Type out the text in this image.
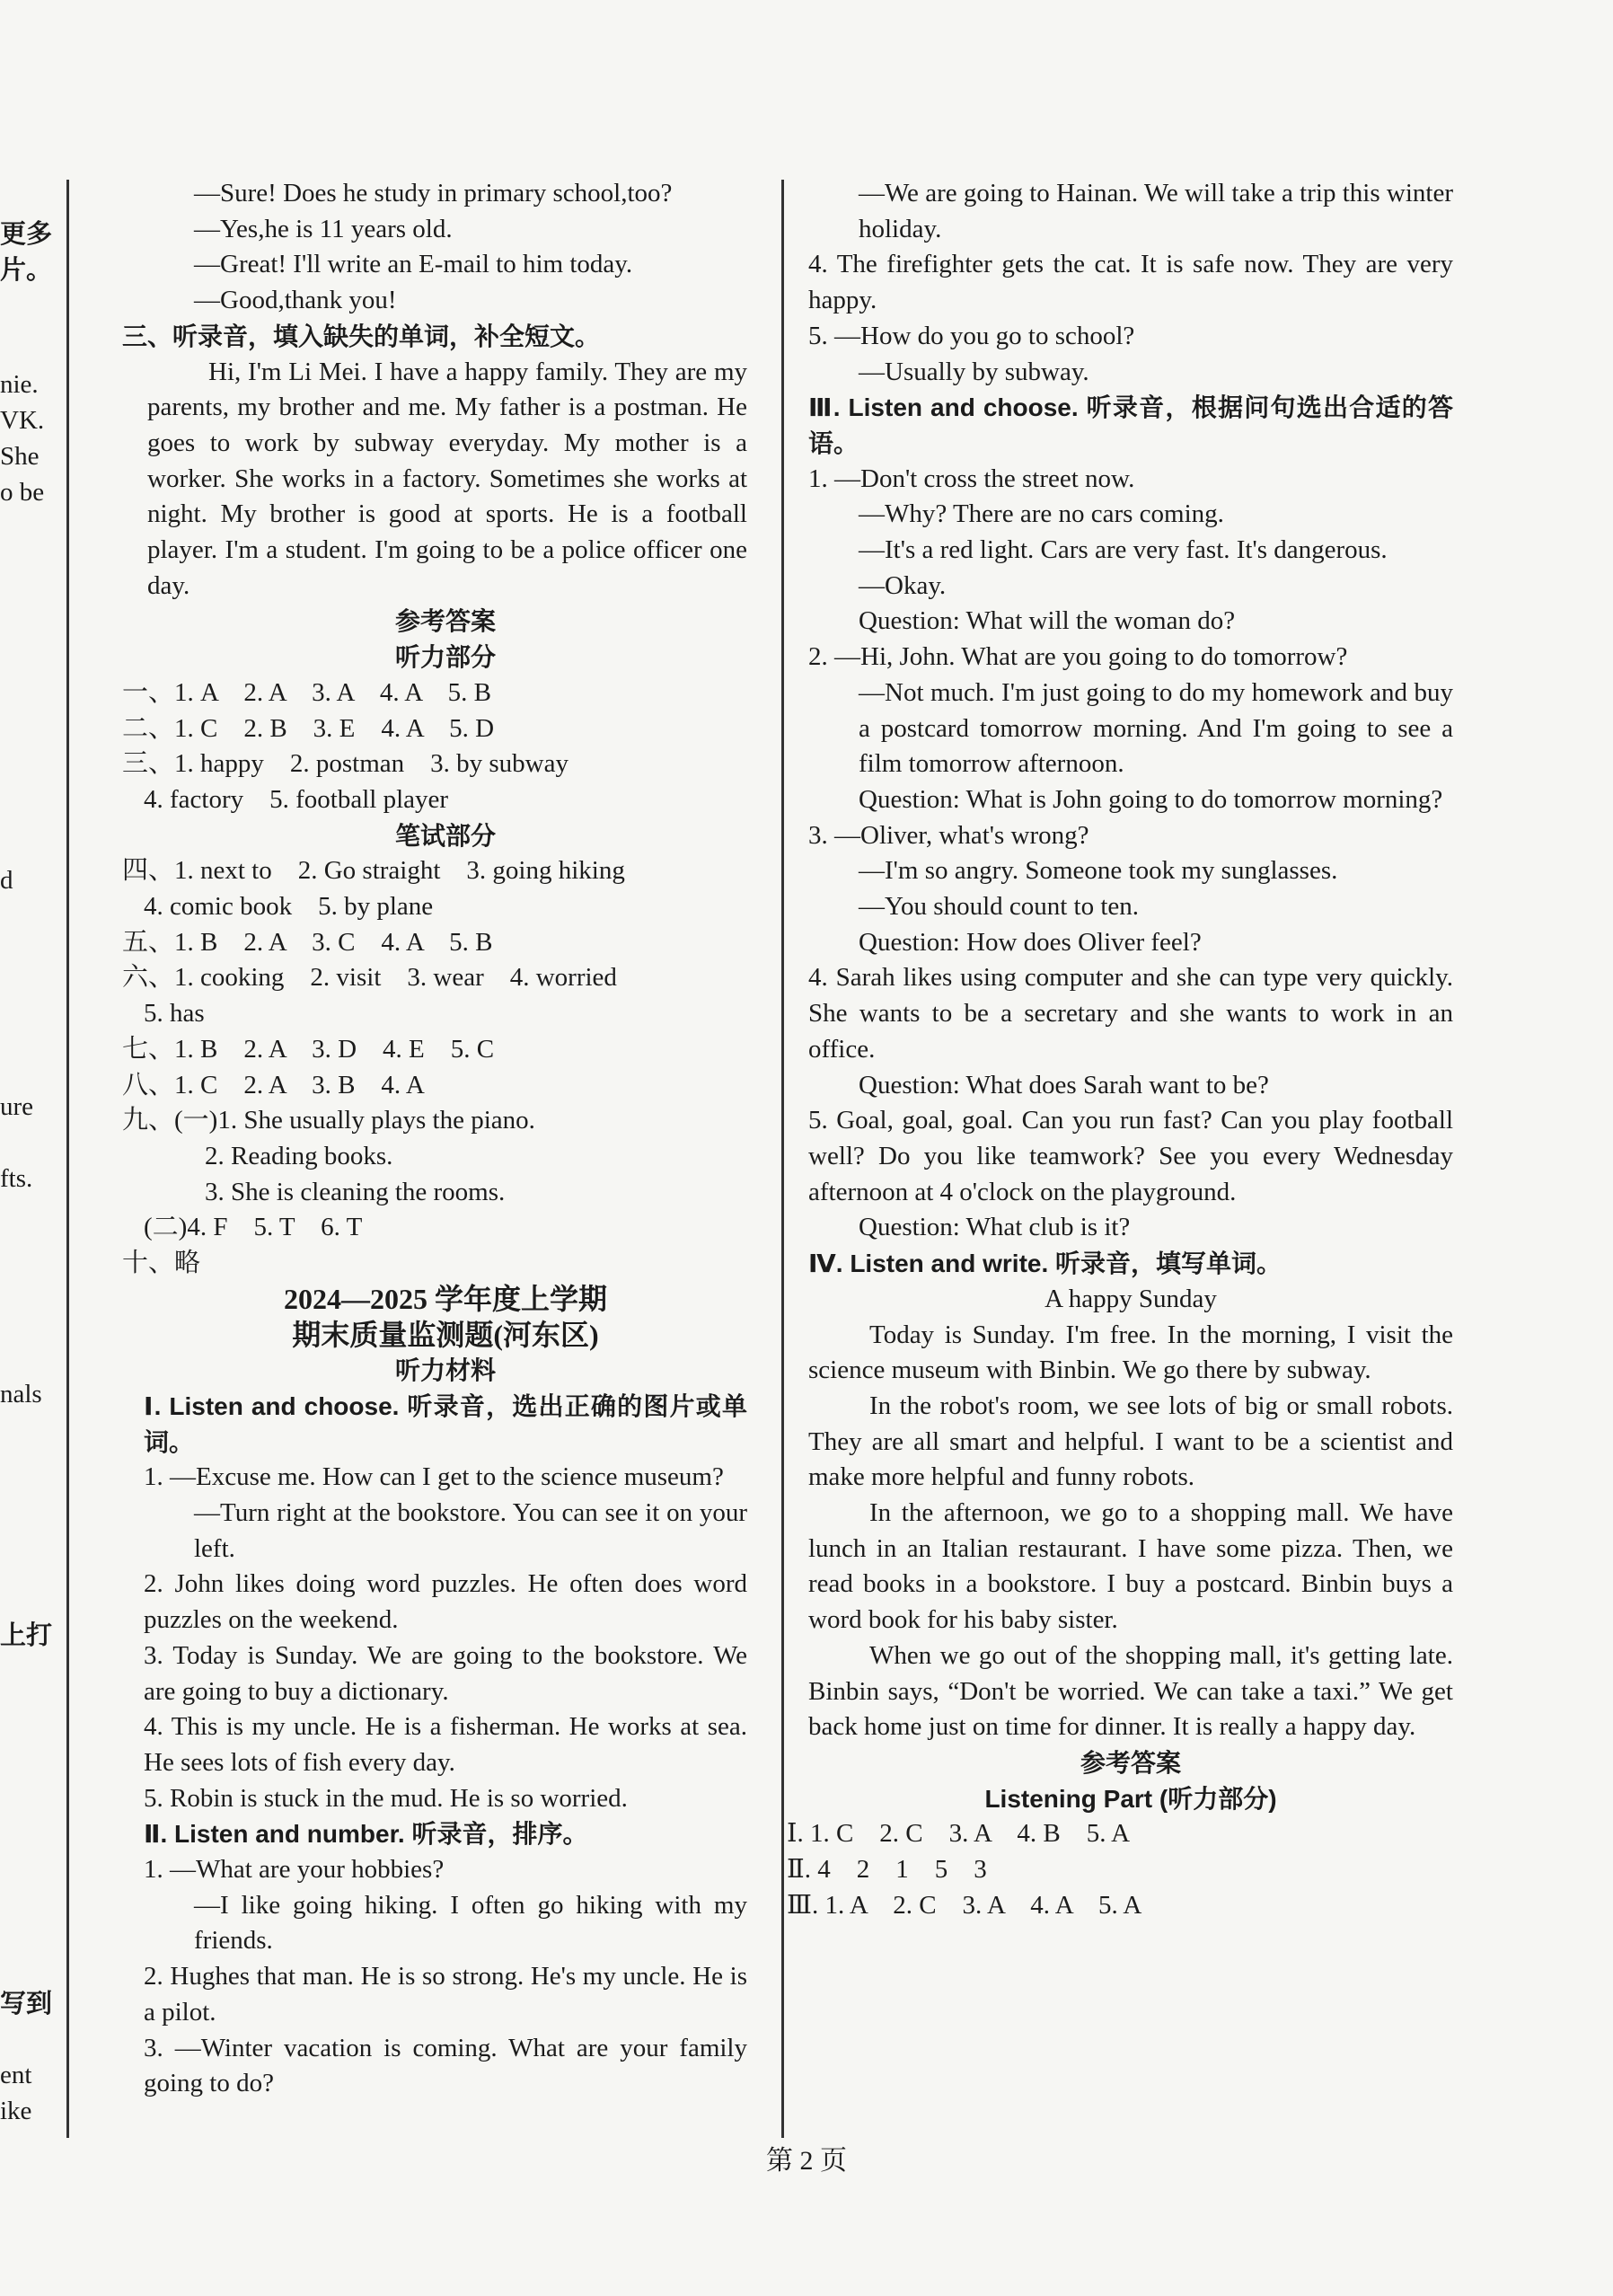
更多
片。
nie.
VK.
She
o be
d
ure
fts.
nals
上打
写到
ent
ike

—Sure! Does he study in primary school,too?

—Yes,he is 11 years old.

—Great! I'll write an E-mail to him today.

—Good,thank you!

三、听录音，填入缺失的单词，补全短文。

Hi, I'm Li Mei. I have a happy family. They are my parents, my brother and me. My father is a postman. He goes to work by subway everyday. My mother is a worker. She works in a factory. Sometimes she works at night. My brother is good at sports. He is a football player. I'm a student. I'm going to be a police officer one day.

参考答案

听力部分

一、1. A　2. A　3. A　4. A　5. B

二、1. C　2. B　3. E　4. A　5. D

三、1. happy　2. postman　3. by subway

4. factory　5. football player

笔试部分

四、1. next to　2. Go straight　3. going hiking

4. comic book　5. by plane

五、1. B　2. A　3. C　4. A　5. B

六、1. cooking　2. visit　3. wear　4. worried

5. has

七、1. B　2. A　3. D　4. E　5. C

八、1. C　2. A　3. B　4. A

九、(一)1. She usually plays the piano.

2. Reading books.

3. She is cleaning the rooms.

(二)4. F　5. T　6. T

十、略

2024—2025 学年度上学期

期末质量监测题(河东区)

听力材料

Ⅰ. Listen and choose. 听录音，选出正确的图片或单词。

1. —Excuse me. How can I get to the science museum?

—Turn right at the bookstore. You can see it on your left.

2. John likes doing word puzzles. He often does word puzzles on the weekend.

3. Today is Sunday. We are going to the bookstore. We are going to buy a dictionary.

4. This is my uncle. He is a fisherman. He works at sea. He sees lots of fish every day.

5. Robin is stuck in the mud. He is so worried.

Ⅱ. Listen and number. 听录音，排序。

1. —What are your hobbies?

—I like going hiking. I often go hiking with my friends.

2. Hughes that man. He is so strong. He's my uncle. He is a pilot.

3. —Winter vacation is coming. What are your family going to do?

—We are going to Hainan. We will take a trip this winter holiday.

4. The firefighter gets the cat. It is safe now. They are very happy.

5. —How do you go to school?

—Usually by subway.

Ⅲ. Listen and choose. 听录音，根据问句选出合适的答语。

1. —Don't cross the street now.

—Why? There are no cars coming.

—It's a red light. Cars are very fast. It's dangerous.

—Okay.

Question: What will the woman do?

2. —Hi, John. What are you going to do tomorrow?

—Not much. I'm just going to do my homework and buy a postcard tomorrow morning. And I'm going to see a film tomorrow afternoon.

Question: What is John going to do tomorrow morning?

3. —Oliver, what's wrong?

—I'm so angry. Someone took my sunglasses.

—You should count to ten.

Question: How does Oliver feel?

4. Sarah likes using computer and she can type very quickly. She wants to be a secretary and she wants to work in an office.

Question: What does Sarah want to be?

5. Goal, goal, goal. Can you run fast? Can you play football well? Do you like teamwork? See you every Wednesday afternoon at 4 o'clock on the playground.

Question: What club is it?

Ⅳ. Listen and write. 听录音，填写单词。

A happy Sunday

Today is Sunday. I'm free. In the morning, I visit the science museum with Binbin. We go there by subway.

In the robot's room, we see lots of big or small robots. They are all smart and helpful. I want to be a scientist and make more helpful and funny robots.

In the afternoon, we go to a shopping mall. We have lunch in an Italian restaurant. I have some pizza. Then, we read books in a bookstore. I buy a postcard. Binbin buys a word book for his baby sister.

When we go out of the shopping mall, it's getting late. Binbin says, “Don't be worried. We can take a taxi.” We get back home just on time for dinner. It is really a happy day.

参考答案

Listening Part (听力部分)

Ⅰ. 1. C　2. C　3. A　4. B　5. A

Ⅱ. 4　2　1　5　3

Ⅲ. 1. A　2. C　3. A　4. A　5. A

第 2 页
